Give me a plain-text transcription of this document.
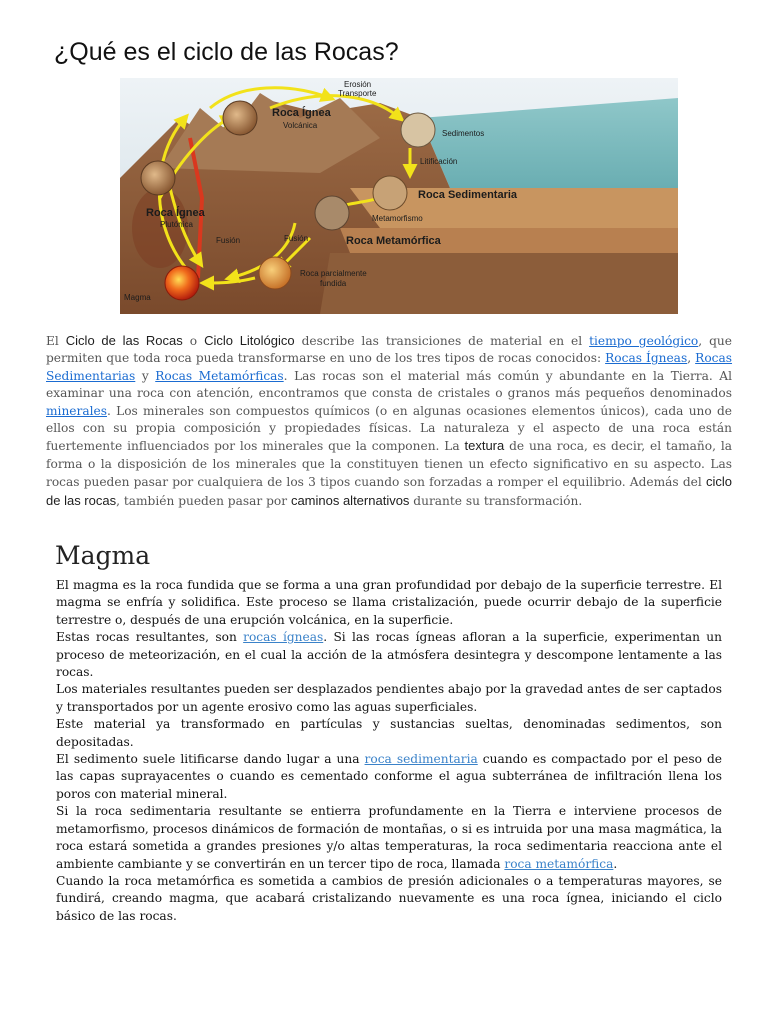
¿Qué es el ciclo de las Rocas?
Erosión
Transporte
Roca Ígnea
Volcánica
Sedimentos
Litificación
Roca Sedimentaria
Metamorfismo
Roca Metamórfica
Roca Ígnea
Plutónica
Fusión	Fusión
Roca parcialmente
fundida
Magma

El Ciclo de las Rocas o Ciclo Litológico describe las transiciones de material en el tiempo geológico, que permiten que toda roca pueda transformarse en uno de los tres tipos de rocas conocidos: Rocas Ígneas, Rocas Sedimentarias y Rocas Metamórficas. Las rocas son el material más común y abundante en la Tierra. Al examinar una roca con atención, encontramos que consta de cristales o granos más pequeños denominados minerales. Los minerales son compuestos químicos (o en algunas ocasiones elementos únicos), cada uno de ellos con su propia composición y propiedades físicas. La naturaleza y el aspecto de una roca están fuertemente influenciados por los minerales que la componen. La textura de una roca, es decir, el tamaño, la forma o la disposición de los minerales que la constituyen tienen un efecto significativo en su aspecto. Las rocas pueden pasar por cualquiera de los 3 tipos cuando son forzadas a romper el equilibrio. Además del ciclo de las rocas, también pueden pasar por caminos alternativos durante su transformación.

Magma

El magma es la roca fundida que se forma a una gran profundidad por debajo de la superficie terrestre. El magma se enfría y solidifica. Este proceso se llama cristalización, puede ocurrir debajo de la superficie terrestre o, después de una erupción volcánica, en la superficie.

Estas rocas resultantes, son rocas ígneas. Si las rocas ígneas afloran a la superficie, experimentan un proceso de meteorización, en el cual la acción de la atmósfera desintegra y descompone lentamente a las rocas.

Los materiales resultantes pueden ser desplazados pendientes abajo por la gravedad antes de ser captados y transportados por un agente erosivo como las aguas superficiales.

Este material ya transformado en partículas y sustancias sueltas, denominadas sedimentos, son depositadas.

El sedimento suele litificarse dando lugar a una roca sedimentaria cuando es compactado por el peso de las capas suprayacentes o cuando es cementado conforme el agua subterránea de infiltración llena los poros con material mineral.

Si la roca sedimentaria resultante se entierra profundamente en la Tierra e interviene procesos de metamorfismo, procesos dinámicos de formación de montañas, o si es intruida por una masa magmática, la roca estará sometida a grandes presiones y/o altas temperaturas, la roca sedimentaria reacciona ante el ambiente cambiante y se convertirán en un tercer tipo de roca, llamada roca metamórfica.

Cuando la roca metamórfica es sometida a cambios de presión adicionales o a temperaturas mayores, se fundirá, creando magma, que acabará cristalizando nuevamente es una roca ígnea, iniciando el ciclo básico de las rocas.
